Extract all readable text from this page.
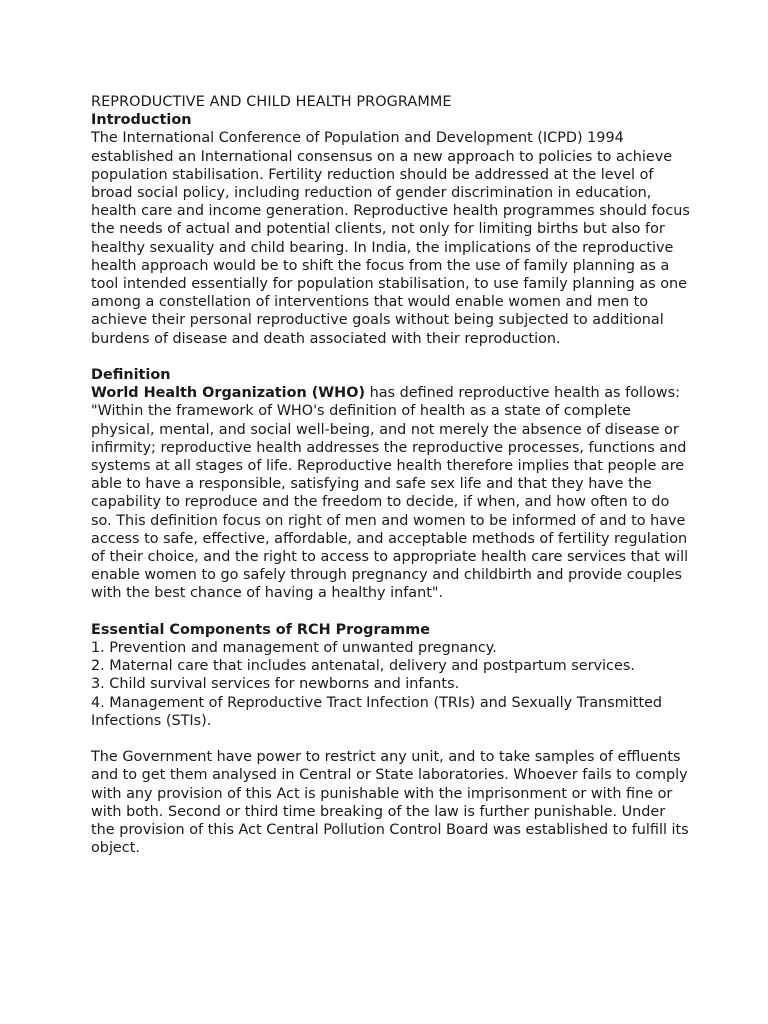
REPRODUCTIVE AND CHILD HEALTH PROGRAMME

Introduction

The International Conference of Population and Development (ICPD) 1994 established an International consensus on a new approach to policies to achieve population stabilisation. Fertility reduction should be addressed at the level of broad social policy, including reduction of gender discrimination in education, health care and income generation. Reproductive health programmes should focus the needs of actual and potential clients, not only for limiting births but also for healthy sexuality and child bearing. In India, the implications of the reproductive health approach would be to shift the focus from the use of family planning as a tool intended essentially for population stabilisation, to use family planning as one among a constellation of interventions that would enable women and men to achieve their personal reproductive goals without being subjected to additional burdens of disease and death associated with their reproduction.

Definition

World Health Organization (WHO) has defined reproductive health as follows:

"Within the framework of WHO's definition of health as a state of complete physical, mental, and social well-being, and not merely the absence of disease or infirmity; reproductive health addresses the reproductive processes, functions and systems at all stages of life. Reproductive health therefore implies that people are able to have a responsible, satisfying and safe sex life and that they have the capability to reproduce and the freedom to decide, if when, and how often to do so. This definition focus on right of men and women to be informed of and to have access to safe, effective, affordable, and acceptable methods of fertility regulation of their choice, and the right to access to appropriate health care services that will enable women to go safely through pregnancy and childbirth and provide couples with the best chance of having a healthy infant".

Essential Components of RCH Programme

1. Prevention and management of unwanted pregnancy.
2. Maternal care that includes antenatal, delivery and postpartum services.
3. Child survival services for newborns and infants.
4. Management of Reproductive Tract Infection (TRIs) and Sexually Transmitted Infections (STIs).

The Government have power to restrict any unit, and to take samples of effluents and to get them analysed in Central or State laboratories. Whoever fails to comply with any provision of this Act is punishable with the imprisonment or with fine or with both. Second or third time breaking of the law is further punishable. Under the provision of this Act Central Pollution Control Board was established to fulfill its object.
